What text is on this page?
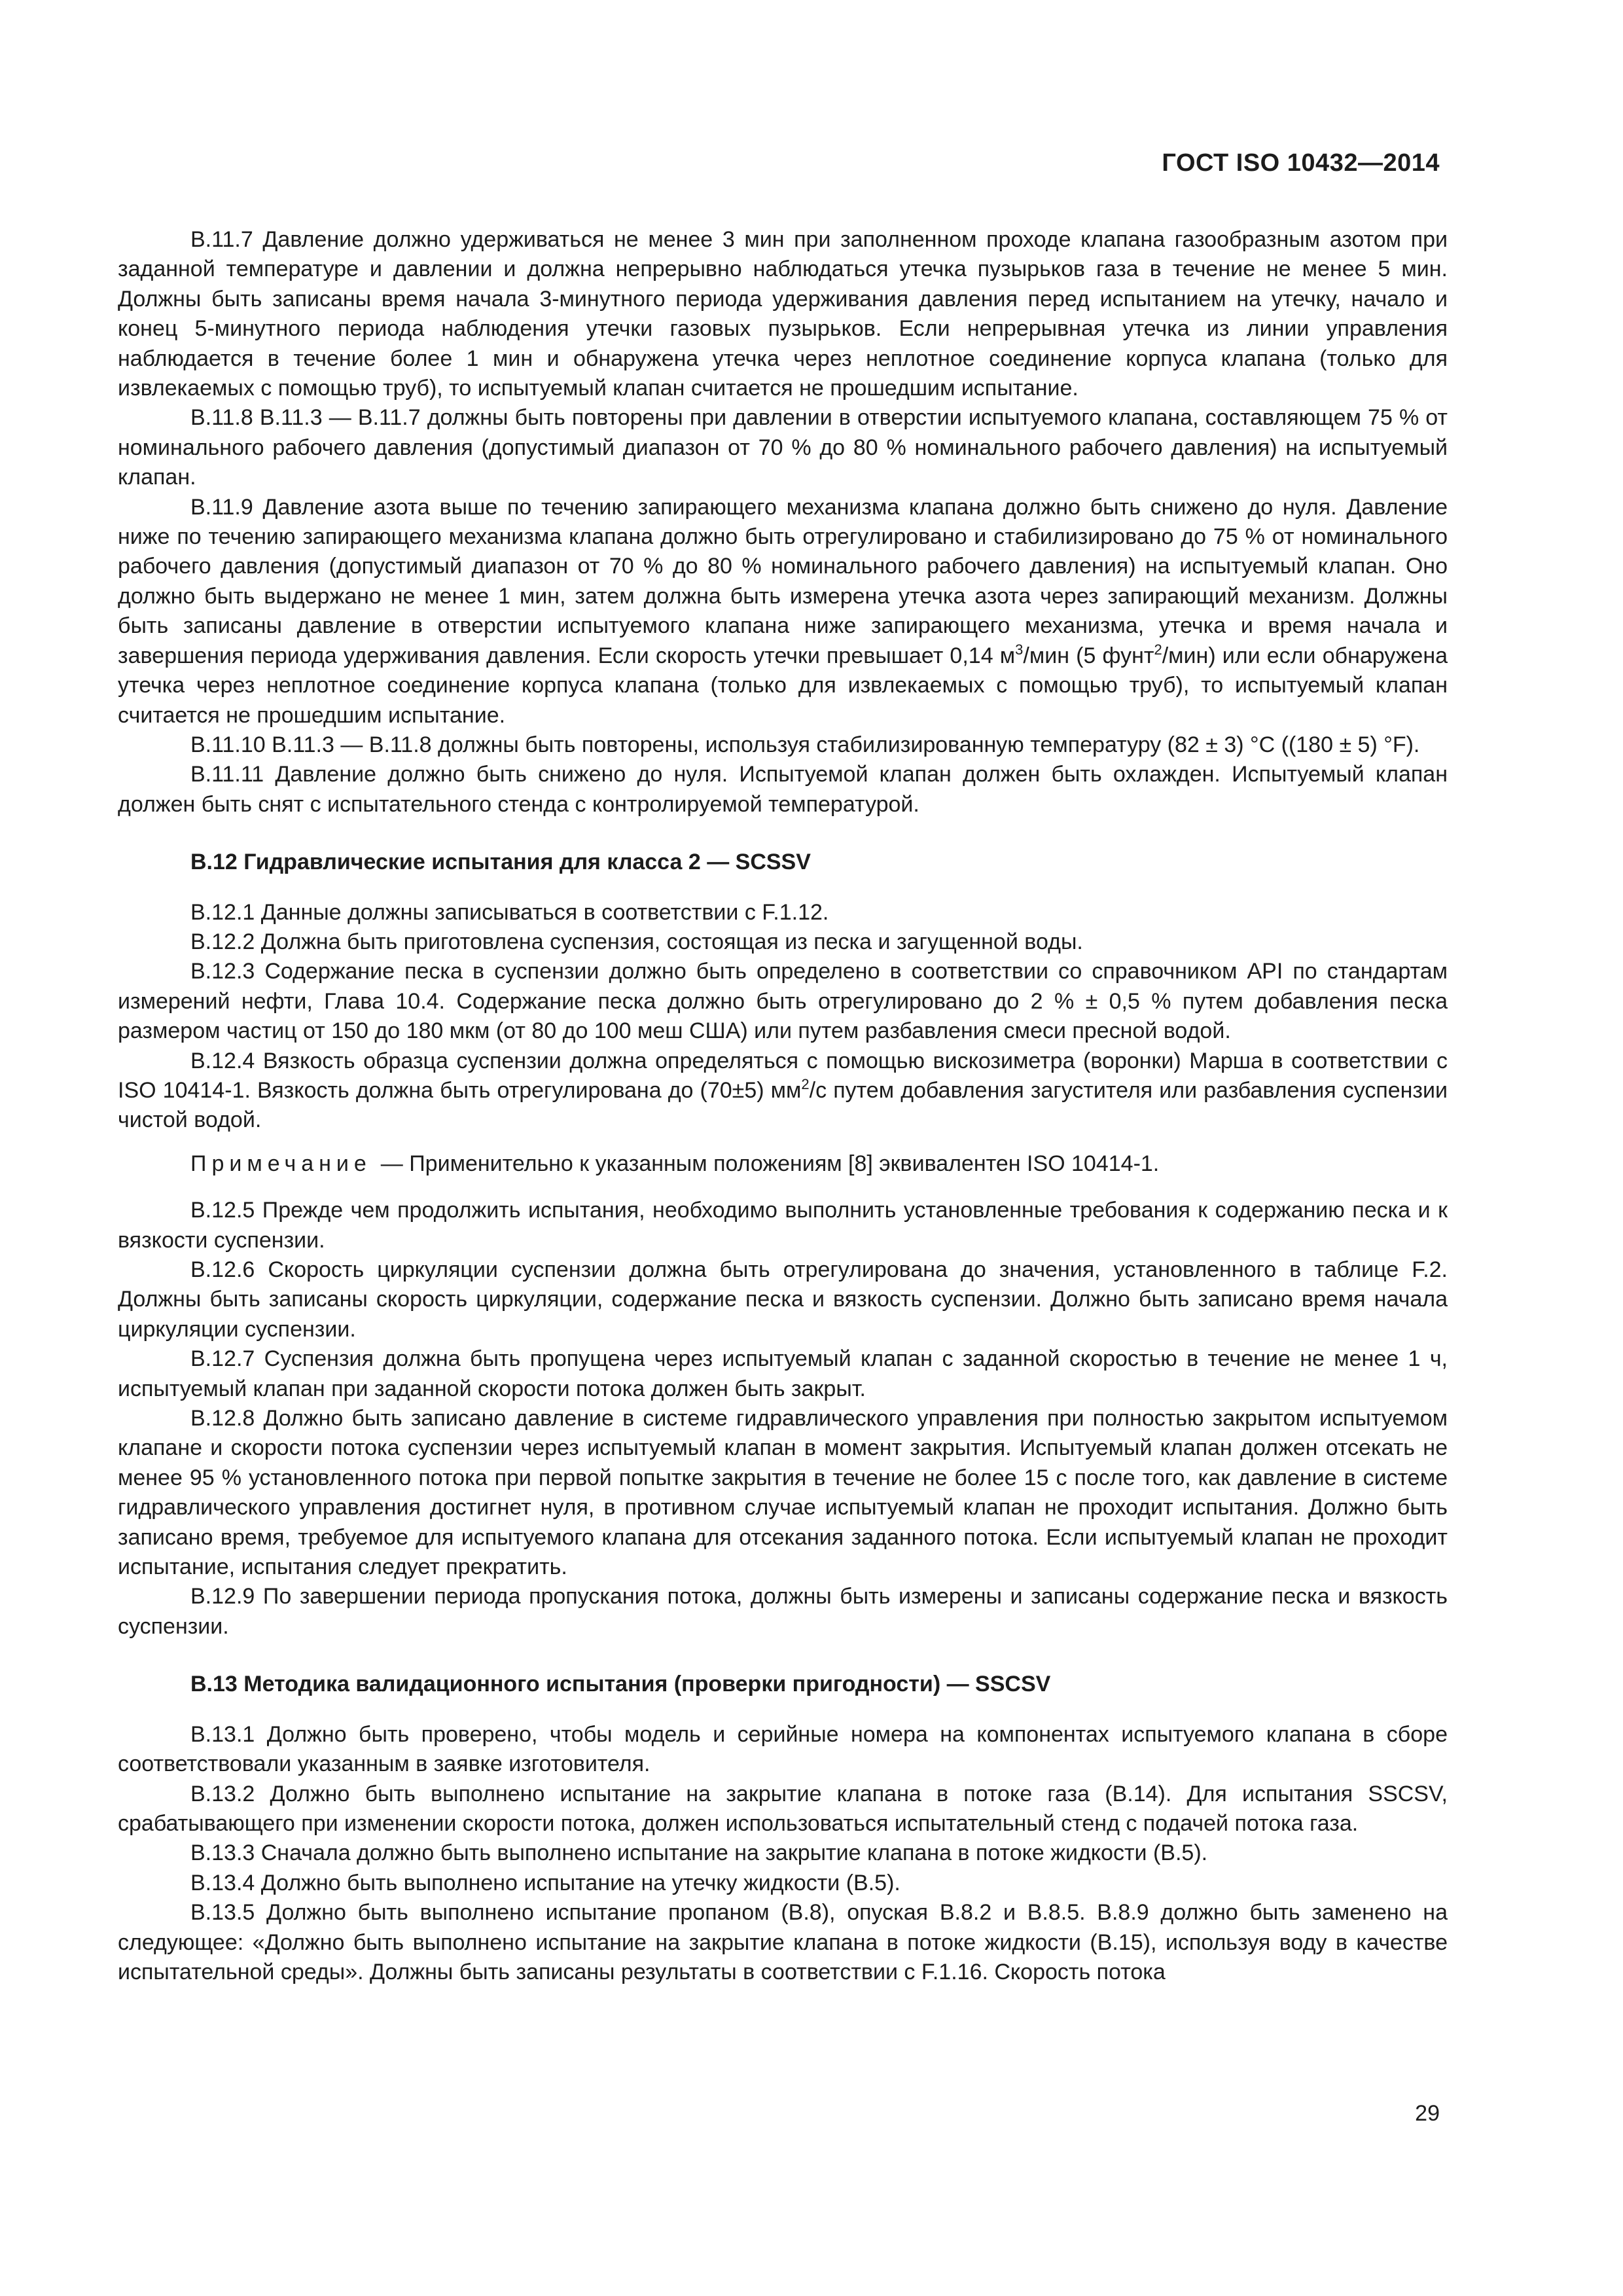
ГОСТ ISO 10432—2014

B.11.7 Давление должно удерживаться не менее 3 мин при заполненном проходе клапана газообразным азотом при заданной температуре и давлении и должна непрерывно наблюдаться утечка пузырьков газа в течение не менее 5 мин. Должны быть записаны время начала 3-минутного периода удерживания давления перед испытанием на утечку, начало и конец 5-минутного периода наблюдения утечки газовых пузырьков. Если непрерывная утечка из линии управления наблюдается в течение более 1 мин и обнаружена утечка через неплотное соединение корпуса клапана (только для извлекаемых с помощью труб), то испытуемый клапан считается не прошедшим испытание.

B.11.8 B.11.3 — B.11.7 должны быть повторены при давлении в отверстии испытуемого клапана, составляющем 75 % от номинального рабочего давления (допустимый диапазон от 70 % до 80 % номинального рабочего давления) на испытуемый клапан.

B.11.9 Давление азота выше по течению запирающего механизма клапана должно быть снижено до нуля. Давление ниже по течению запирающего механизма клапана должно быть отрегулировано и стабилизировано до 75 % от номинального рабочего давления (допустимый диапазон от 70 % до 80 % номинального рабочего давления) на испытуемый клапан. Оно должно быть выдержано не менее 1 мин, затем должна быть измерена утечка азота через запирающий механизм. Должны быть записаны давление в отверстии испытуемого клапана ниже запирающего механизма, утечка и время начала и завершения периода удерживания давления. Если скорость утечки превышает 0,14 $м^3$/мин (5 фунт$^2$/мин) или если обнаружена утечка через неплотное соединение корпуса клапана (только для извлекаемых с помощью труб), то испытуемый клапан считается не прошедшим испытание.

B.11.10 B.11.3 — B.11.8 должны быть повторены, используя стабилизированную температуру (82 ± 3) °С ((180 ± 5) °F).

B.11.11 Давление должно быть снижено до нуля. Испытуемой клапан должен быть охлажден. Испытуемый клапан должен быть снят с испытательного стенда с контролируемой температурой.

B.12 Гидравлические испытания для класса 2 — SCSSV

B.12.1 Данные должны записываться в соответствии с F.1.12.

B.12.2 Должна быть приготовлена суспензия, состоящая из песка и загущенной воды.

B.12.3 Содержание песка в суспензии должно быть определено в соответствии со справочником API по стандартам измерений нефти, Глава 10.4. Содержание песка должно быть отрегулировано до 2 % ± 0,5 % путем добавления песка размером частиц от 150 до 180 мкм (от 80 до 100 меш США) или путем разбавления смеси пресной водой.

B.12.4 Вязкость образца суспензии должна определяться с помощью вискозиметра (воронки) Марша в соответствии с ISO 10414-1. Вязкость должна быть отрегулирована до (70±5) $мм^2/с$ путем добавления загустителя или разбавления суспензии чистой водой.

Примечание — Применительно к указанным положениям [8] эквивалентен ISO 10414-1.

B.12.5 Прежде чем продолжить испытания, необходимо выполнить установленные требования к содержанию песка и к вязкости суспензии.

B.12.6 Скорость циркуляции суспензии должна быть отрегулирована до значения, установленного в таблице F.2. Должны быть записаны скорость циркуляции, содержание песка и вязкость суспензии. Должно быть записано время начала циркуляции суспензии.

B.12.7 Суспензия должна быть пропущена через испытуемый клапан с заданной скоростью в течение не менее 1 ч, испытуемый клапан при заданной скорости потока должен быть закрыт.

B.12.8 Должно быть записано давление в системе гидравлического управления при полностью закрытом испытуемом клапане и скорости потока суспензии через испытуемый клапан в момент закрытия. Испытуемый клапан должен отсекать не менее 95 % установленного потока при первой попытке закрытия в течение не более 15 с после того, как давление в системе гидравлического управления достигнет нуля, в противном случае испытуемый клапан не проходит испытания. Должно быть записано время, требуемое для испытуемого клапана для отсекания заданного потока. Если испытуемый клапан не проходит испытание, испытания следует прекратить.

B.12.9 По завершении периода пропускания потока, должны быть измерены и записаны содержание песка и вязкость суспензии.

B.13 Методика валидационного испытания (проверки пригодности) — SSCSV

B.13.1 Должно быть проверено, чтобы модель и серийные номера на компонентах испытуемого клапана в сборе соответствовали указанным в заявке изготовителя.

B.13.2 Должно быть выполнено испытание на закрытие клапана в потоке газа (B.14). Для испытания SSCSV, срабатывающего при изменении скорости потока, должен использоваться испытательный стенд с подачей потока газа.

B.13.3 Сначала должно быть выполнено испытание на закрытие клапана в потоке жидкости (B.5).

B.13.4 Должно быть выполнено испытание на утечку жидкости (B.5).

B.13.5 Должно быть выполнено испытание пропаном (B.8), опуская B.8.2 и B.8.5. B.8.9 должно быть заменено на следующее: «Должно быть выполнено испытание на закрытие клапана в потоке жидкости (B.15), используя воду в качестве испытательной среды». Должны быть записаны результаты в соответствии с F.1.16. Скорость потока

29
